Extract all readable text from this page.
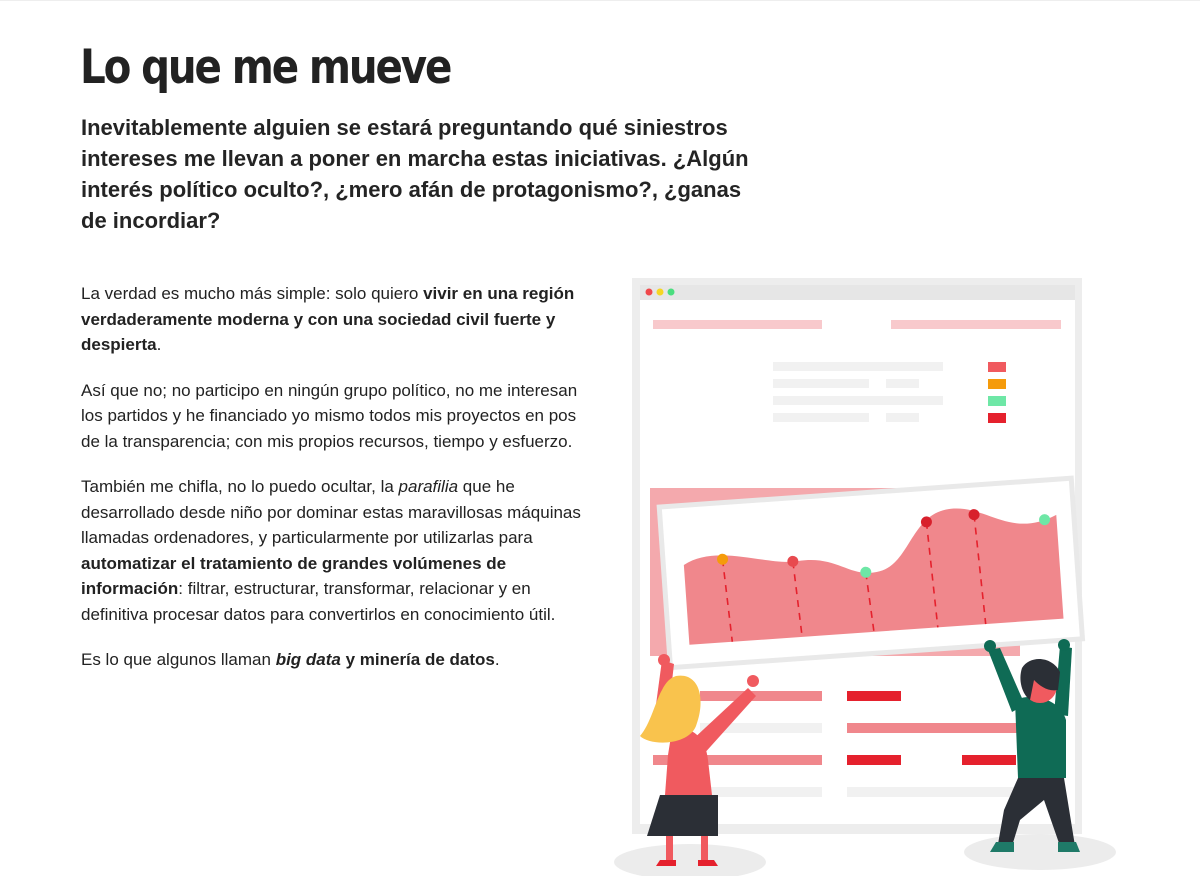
Lo que me mueve

Inevitablemente alguien se estará preguntando qué siniestros intereses me llevan a poner en marcha estas iniciativas. ¿Algún interés político oculto?, ¿mero afán de protagonismo?, ¿ganas de incordiar?

La verdad es mucho más simple: solo quiero vivir en una región verdaderamente moderna y con una sociedad civil fuerte y despierta.

Así que no; no participo en ningún grupo político, no me interesan los partidos y he financiado yo mismo todos mis proyectos en pos de la transparencia; con mis propios recursos, tiempo y esfuerzo.

También me chifla, no lo puedo ocultar, la parafilia que he desarrollado desde niño por dominar estas maravillosas máquinas llamadas ordenadores, y particularmente por utilizarlas para automatizar el tratamiento de grandes volúmenes de información: filtrar, estructurar, transformar, relacionar y en definitiva procesar datos para convertirlos en conocimiento útil.

Es lo que algunos llaman big data y minería de datos.
